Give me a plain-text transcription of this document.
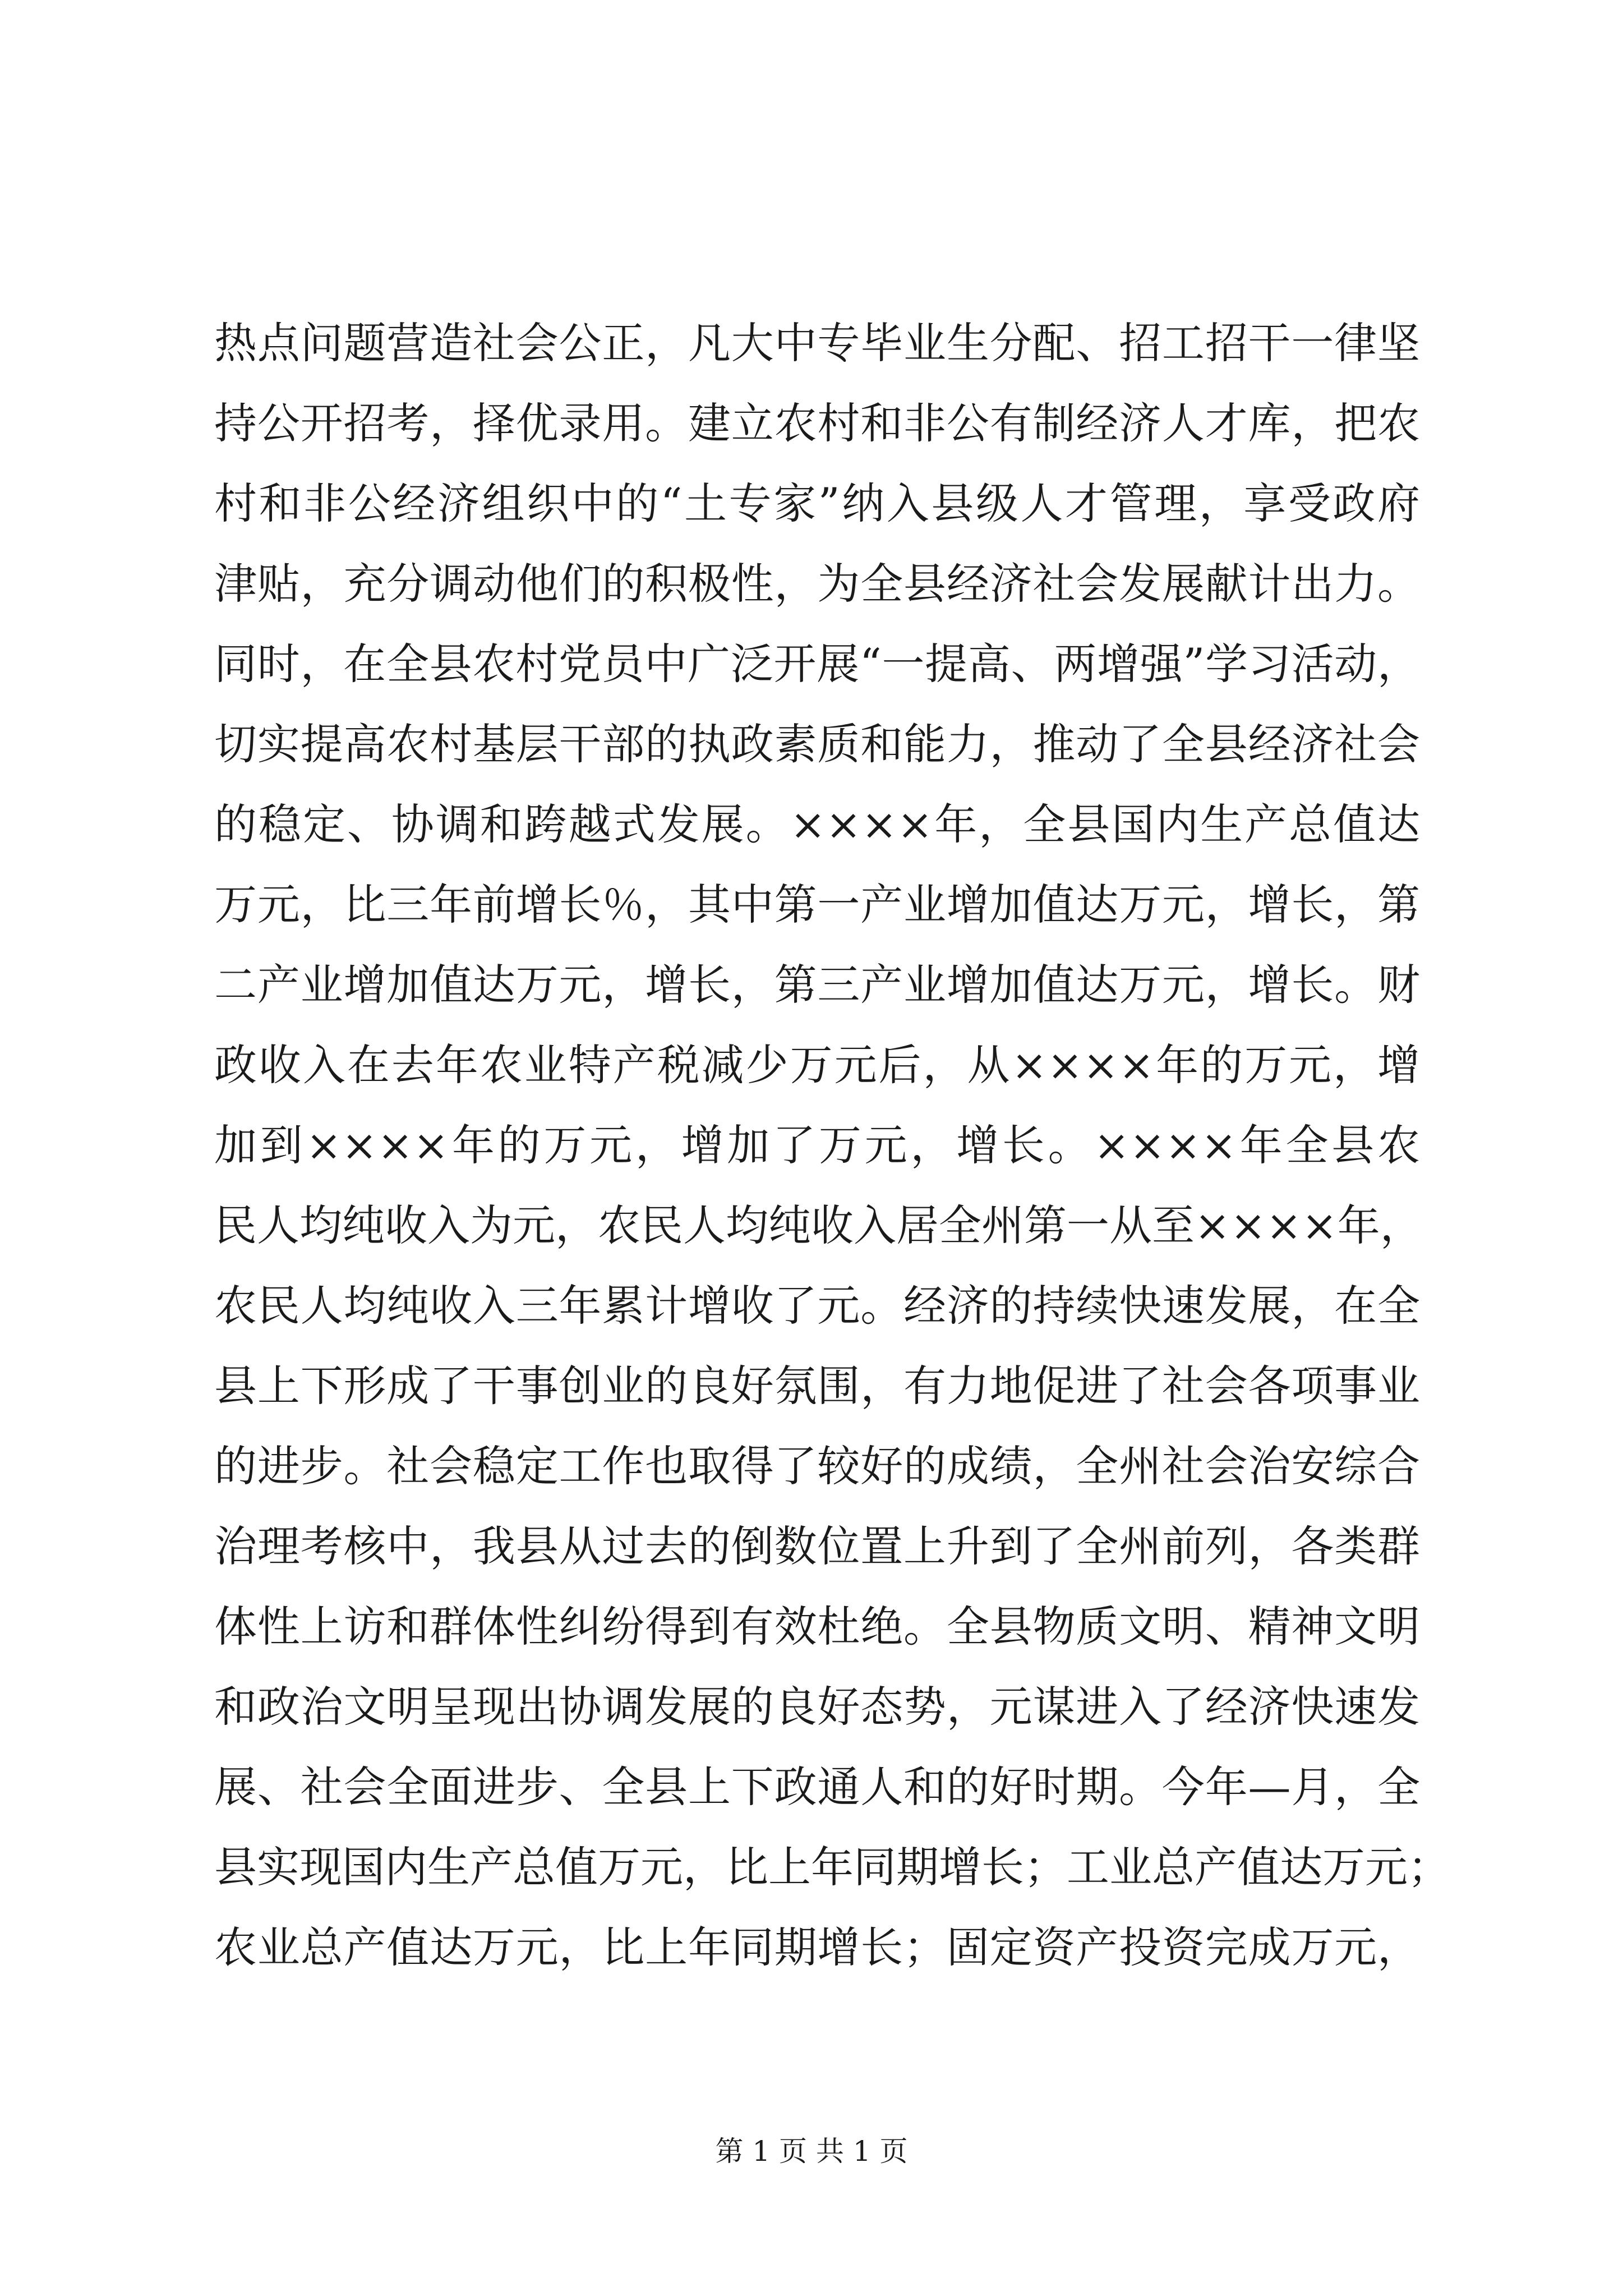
热点问题营造社会公正，凡大中专毕业生分配、招工招干一律坚
持公开招考，择优录用。建立农村和非公有制经济人才库，把农
村和非公经济组织中的“土专家”纳入县级人才管理，享受政府
津贴，充分调动他们的积极性，为全县经济社会发展献计出力。
同时，在全县农村党员中广泛开展“一提高、两增强”学习活动，
切实提高农村基层干部的执政素质和能力，推动了全县经济社会
的稳定、协调和跨越式发展。××××年，全县国内生产总值达
万元，比三年前增长％，其中第一产业增加值达万元，增长，第
二产业增加值达万元，增长，第三产业增加值达万元，增长。财
政收入在去年农业特产税减少万元后，从××××年的万元，增
加到××××年的万元，增加了万元，增长。××××年全县农
民人均纯收入为元，农民人均纯收入居全州第一从至××××年，
农民人均纯收入三年累计增收了元。经济的持续快速发展，在全
县上下形成了干事创业的良好氛围，有力地促进了社会各项事业
的进步。社会稳定工作也取得了较好的成绩，全州社会治安综合
治理考核中，我县从过去的倒数位置上升到了全州前列，各类群
体性上访和群体性纠纷得到有效杜绝。全县物质文明、精神文明
和政治文明呈现出协调发展的良好态势，元谋进入了经济快速发
展、社会全面进步、全县上下政通人和的好时期。今年—月，全
县实现国内生产总值万元，比上年同期增长；工业总产值达万元；
农业总产值达万元，比上年同期增长；固定资产投资完成万元，
第 1 页 共 1 页
